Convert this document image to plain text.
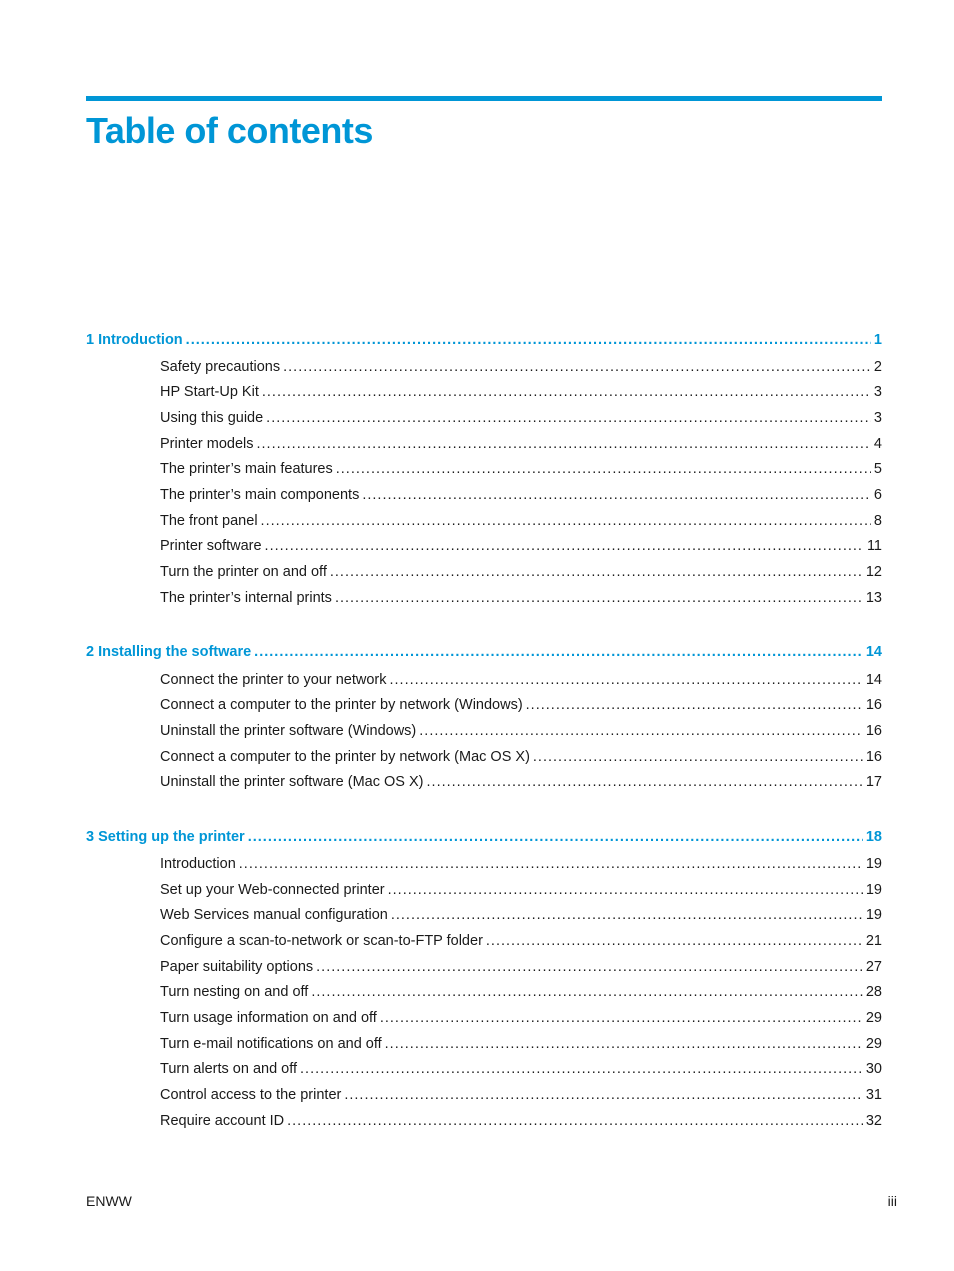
Table of contents
1 Introduction .....	1
Safety precautions .....	2
HP Start-Up Kit .....	3
Using this guide .....	3
Printer models .....	4
The printer’s main features .....	5
The printer’s main components .....	6
The front panel .....	8
Printer software .....	11
Turn the printer on and off .....	12
The printer’s internal prints .....	13
2 Installing the software .....	14
Connect the printer to your network .....	14
Connect a computer to the printer by network (Windows) .....	16
Uninstall the printer software (Windows) .....	16
Connect a computer to the printer by network (Mac OS X) .....	16
Uninstall the printer software (Mac OS X) .....	17
3 Setting up the printer .....	18
Introduction .....	19
Set up your Web-connected printer .....	19
Web Services manual configuration .....	19
Configure a scan-to-network or scan-to-FTP folder .....	21
Paper suitability options .....	27
Turn nesting on and off .....	28
Turn usage information on and off .....	29
Turn e-mail notifications on and off .....	29
Turn alerts on and off .....	30
Control access to the printer .....	31
Require account ID .....	32
ENWW	iii
